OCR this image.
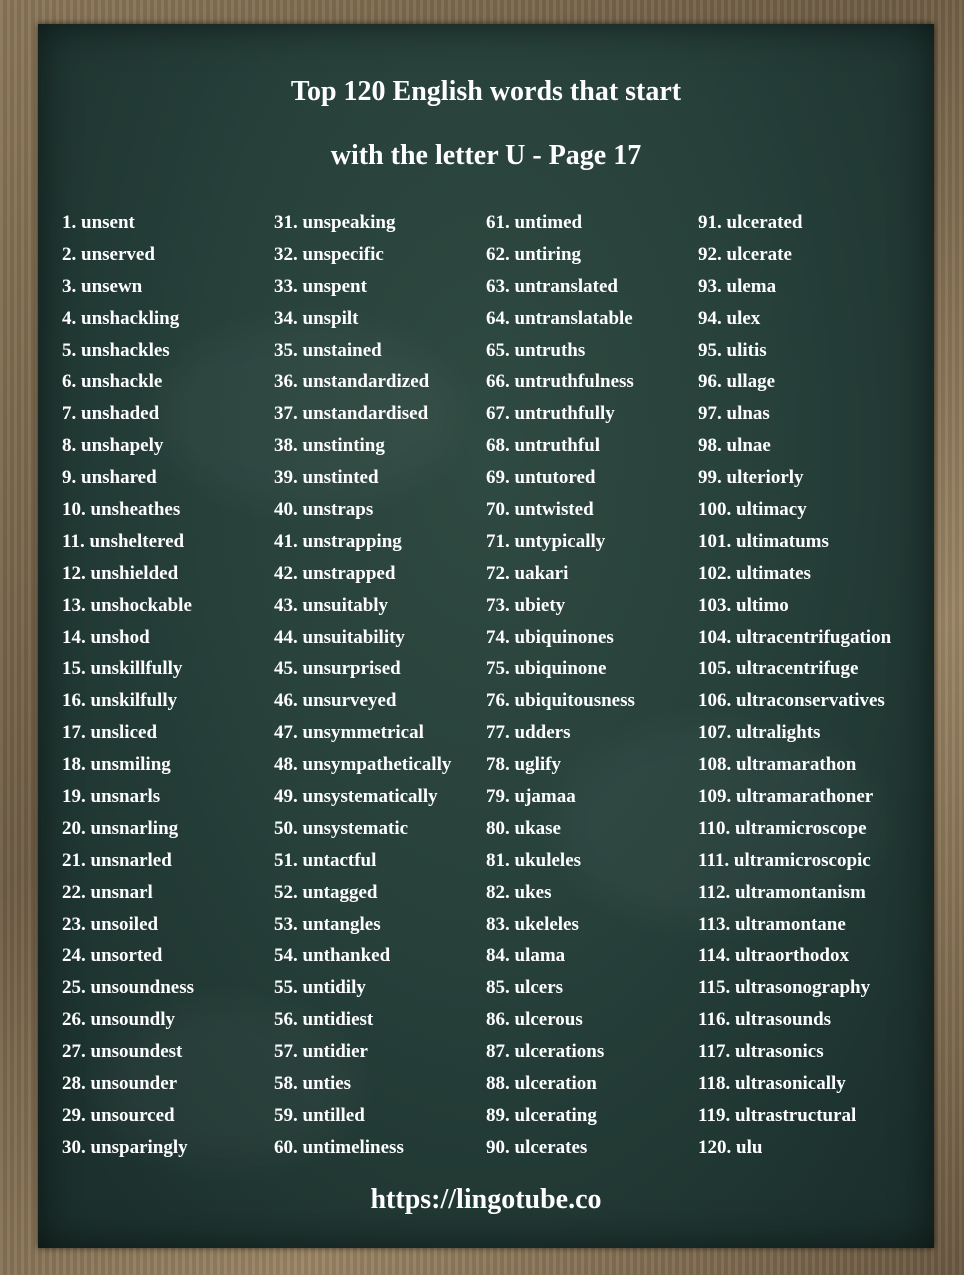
Top 120 English words that start
with the letter U - Page 17
1. unsent
2. unserved
3. unsewn
4. unshackling
5. unshackles
6. unshackle
7. unshaded
8. unshapely
9. unshared
10. unsheathes
11. unsheltered
12. unshielded
13. unshockable
14. unshod
15. unskillfully
16. unskilfully
17. unsliced
18. unsmiling
19. unsnarls
20. unsnarling
21. unsnarled
22. unsnarl
23. unsoiled
24. unsorted
25. unsoundness
26. unsoundly
27. unsoundest
28. unsounder
29. unsourced
30. unsparingly
31. unspeaking
32. unspecific
33. unspent
34. unspilt
35. unstained
36. unstandardized
37. unstandardised
38. unstinting
39. unstinted
40. unstraps
41. unstrapping
42. unstrapped
43. unsuitably
44. unsuitability
45. unsurprised
46. unsurveyed
47. unsymmetrical
48. unsympathetically
49. unsystematically
50. unsystematic
51. untactful
52. untagged
53. untangles
54. unthanked
55. untidily
56. untidiest
57. untidier
58. unties
59. untilled
60. untimeliness
61. untimed
62. untiring
63. untranslated
64. untranslatable
65. untruths
66. untruthfulness
67. untruthfully
68. untruthful
69. untutored
70. untwisted
71. untypically
72. uakari
73. ubiety
74. ubiquinones
75. ubiquinone
76. ubiquitousness
77. udders
78. uglify
79. ujamaa
80. ukase
81. ukuleles
82. ukes
83. ukeleles
84. ulama
85. ulcers
86. ulcerous
87. ulcerations
88. ulceration
89. ulcerating
90. ulcerates
91. ulcerated
92. ulcerate
93. ulema
94. ulex
95. ulitis
96. ullage
97. ulnas
98. ulnae
99. ulteriorly
100. ultimacy
101. ultimatums
102. ultimates
103. ultimo
104. ultracentrifugation
105. ultracentrifuge
106. ultraconservatives
107. ultralights
108. ultramarathon
109. ultramarathoner
110. ultramicroscope
111. ultramicroscopic
112. ultramontanism
113. ultramontane
114. ultraorthodox
115. ultrasonography
116. ultrasounds
117. ultrasonics
118. ultrasonically
119. ultrastructural
120. ulu
https://lingotube.co
